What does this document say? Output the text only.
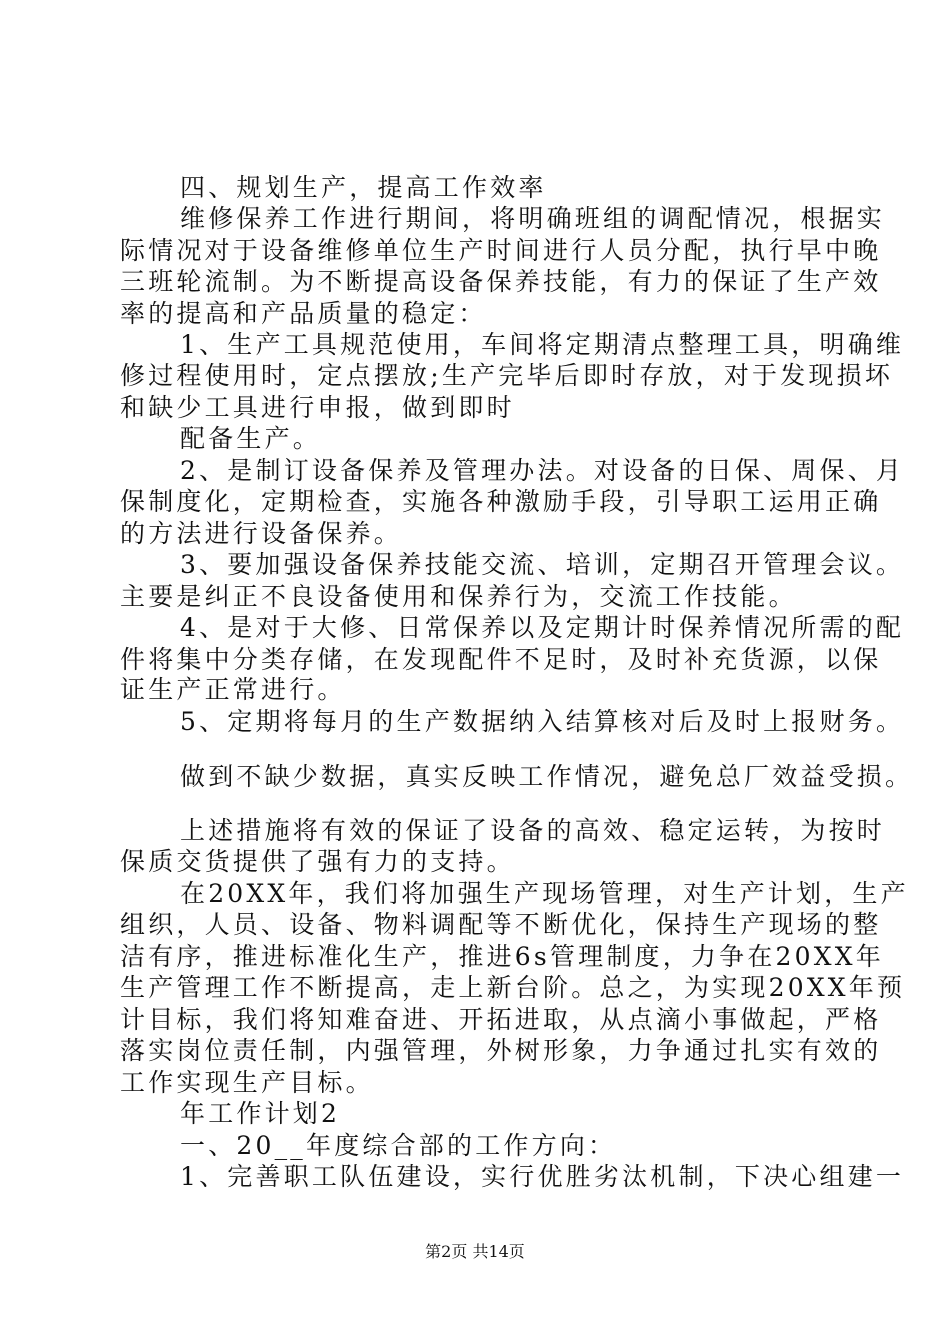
四、规划生产，提高工作效率
维修保养工作进行期间，将明确班组的调配情况，根据实
际情况对于设备维修单位生产时间进行人员分配，执行早中晚
三班轮流制。为不断提高设备保养技能，有力的保证了生产效
率的提高和产品质量的稳定：
1、生产工具规范使用，车间将定期清点整理工具，明确维
修过程使用时，定点摆放;生产完毕后即时存放，对于发现损坏
和缺少工具进行申报，做到即时
配备生产。
2、是制订设备保养及管理办法。对设备的日保、周保、月
保制度化，定期检查，实施各种激励手段，引导职工运用正确
的方法进行设备保养。
3、要加强设备保养技能交流、培训，定期召开管理会议。
主要是纠正不良设备使用和保养行为，交流工作技能。
4、是对于大修、日常保养以及定期计时保养情况所需的配
件将集中分类存储，在发现配件不足时，及时补充货源，以保
证生产正常进行。
5、定期将每月的生产数据纳入结算核对后及时上报财务。
做到不缺少数据，真实反映工作情况，避免总厂效益受损。
上述措施将有效的保证了设备的高效、稳定运转，为按时
保质交货提供了强有力的支持。
在20XX年，我们将加强生产现场管理，对生产计划，生产
组织，人员、设备、物料调配等不断优化，保持生产现场的整
洁有序，推进标准化生产，推进6s管理制度，力争在20XX年
生产管理工作不断提高，走上新台阶。总之，为实现20XX年预
计目标，我们将知难奋进、开拓进取，从点滴小事做起，严格
落实岗位责任制，内强管理，外树形象，力争通过扎实有效的
工作实现生产目标。
年工作计划2
一、20__年度综合部的工作方向：
1、完善职工队伍建设，实行优胜劣汰机制，下决心组建一
第2页 共14页
